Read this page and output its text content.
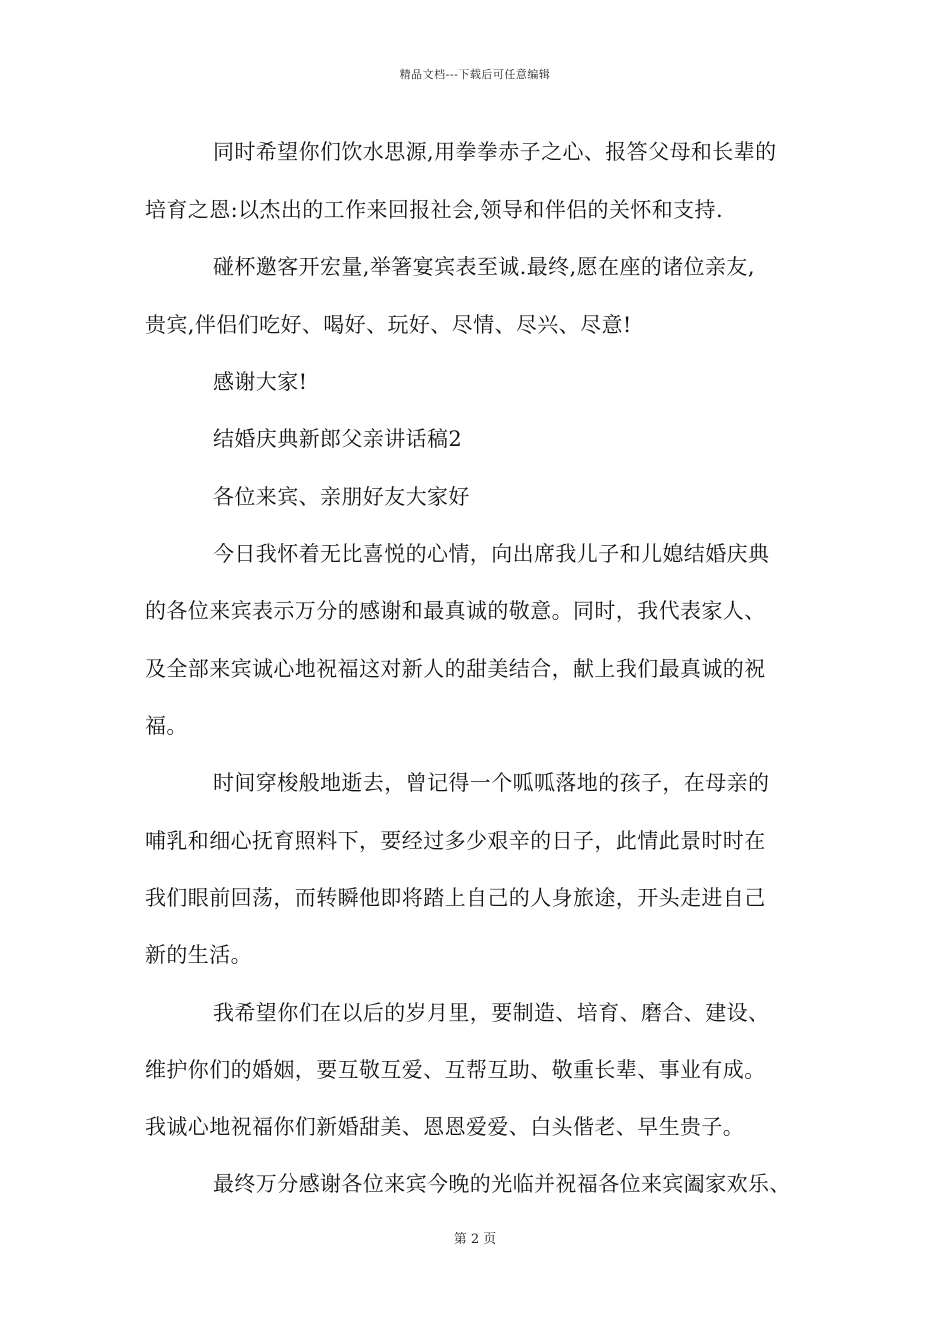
精品文档---下载后可任意编辑
同时希望你们饮水思源,用拳拳赤子之心、报答父母和长辈的
培育之恩:以杰出的工作来回报社会,领导和伴侣的关怀和支持.
碰杯邀客开宏量,举箸宴宾表至诚.最终,愿在座的诸位亲友,
贵宾,伴侣们吃好、喝好、玩好、尽情、尽兴、尽意!
感谢大家!
结婚庆典新郎父亲讲话稿2
各位来宾、亲朋好友大家好
今日我怀着无比喜悦的心情，向出席我儿子和儿媳结婚庆典
的各位来宾表示万分的感谢和最真诚的敬意。同时，我代表家人、
及全部来宾诚心地祝福这对新人的甜美结合，献上我们最真诚的祝
福。
时间穿梭般地逝去，曾记得一个呱呱落地的孩子，在母亲的
哺乳和细心抚育照料下，要经过多少艰辛的日子，此情此景时时在
我们眼前回荡，而转瞬他即将踏上自己的人身旅途，开头走进自己
新的生活。
我希望你们在以后的岁月里，要制造、培育、磨合、建设、
维护你们的婚姻，要互敬互爱、互帮互助、敬重长辈、事业有成。
我诚心地祝福你们新婚甜美、恩恩爱爱、白头偕老、早生贵子。
最终万分感谢各位来宾今晚的光临并祝福各位来宾阖家欢乐、
第 2 页
